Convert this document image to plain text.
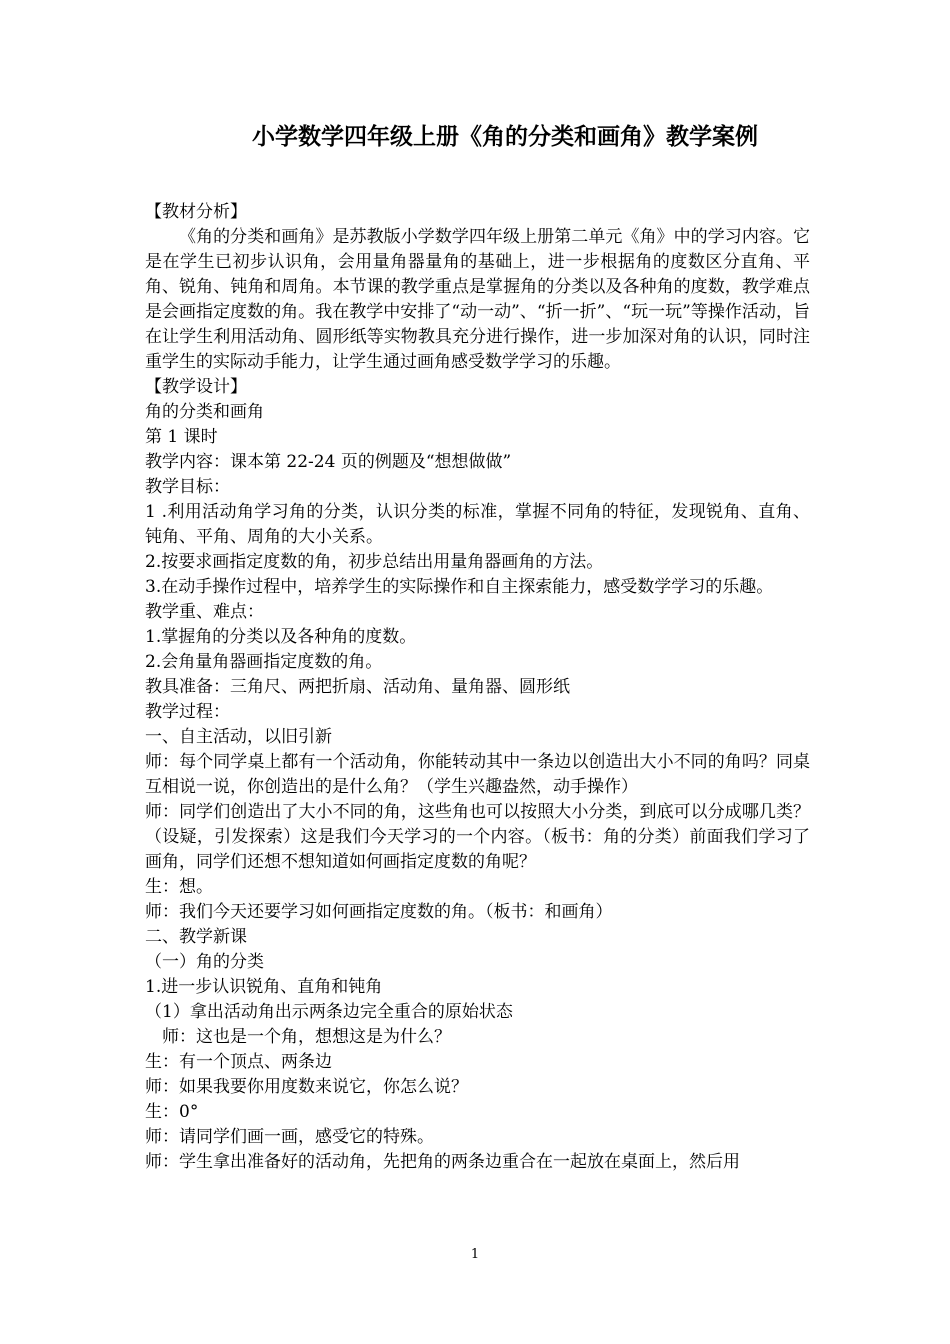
小学数学四年级上册《角的分类和画角》教学案例

【教材分析】

《角的分类和画角》是苏教版小学数学四年级上册第二单元《角》中的学习内容。它是在学生已初步认识角，会用量角器量角的基础上，进一步根据角的度数区分直角、平角、锐角、钝角和周角。本节课的教学重点是掌握角的分类以及各种角的度数，教学难点是会画指定度数的角。我在教学中安排了“动一动”、“折一折”、“玩一玩”等操作活动，旨在让学生利用活动角、圆形纸等实物教具充分进行操作，进一步加深对角的认识，同时注重学生的实际动手能力，让学生通过画角感受数学学习的乐趣。

【教学设计】

角的分类和画角

第 1 课时

教学内容：课本第 22-24 页的例题及“想想做做”

教学目标：

1 .利用活动角学习角的分类，认识分类的标准，掌握不同角的特征，发现锐角、直角、钝角、平角、周角的大小关系。

2.按要求画指定度数的角，初步总结出用量角器画角的方法。

3.在动手操作过程中，培养学生的实际操作和自主探索能力，感受数学学习的乐趣。

教学重、难点：

1.掌握角的分类以及各种角的度数。

2.会角量角器画指定度数的角。

教具准备：三角尺、两把折扇、活动角、量角器、圆形纸

教学过程：

一、自主活动，以旧引新

师：每个同学桌上都有一个活动角，你能转动其中一条边以创造出大小不同的角吗？同桌互相说一说，你创造出的是什么角？（学生兴趣盎然，动手操作）

师：同学们创造出了大小不同的角，这些角也可以按照大小分类，到底可以分成哪几类？（设疑，引发探索）这是我们今天学习的一个内容。（板书：角的分类）前面我们学习了画角，同学们还想不想知道如何画指定度数的角呢？

生：想。

师：我们今天还要学习如何画指定度数的角。（板书：和画角）

二、教学新课

（一）角的分类

1.进一步认识锐角、直角和钝角

（1）拿出活动角出示两条边完全重合的原始状态

师：这也是一个角，想想这是为什么？

生：有一个顶点、两条边

师：如果我要你用度数来说它，你怎么说？

生：0°

师：请同学们画一画，感受它的特殊。

师：学生拿出准备好的活动角，先把角的两条边重合在一起放在桌面上，然后用

1
